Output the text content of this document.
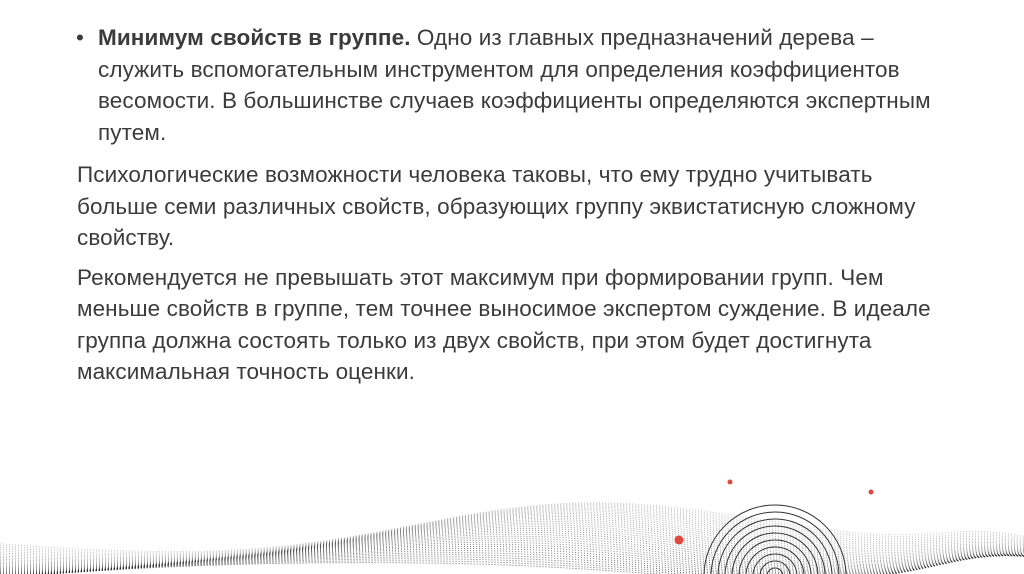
• Минимум свойств в группе. Одно из главных предназначений дерева – служить вспомогательным инструментом для определения коэффициентов весомости. В большинстве случаев коэффициенты определяются экспертным путем.

Психологические возможности человека таковы, что ему трудно учитывать больше семи различных свойств, образующих группу эквистатисную сложному свойству.

Рекомендуется не превышать этот максимум при формировании групп. Чем меньше свойств в группе, тем точнее выносимое экспертом суждение. В идеале группа должна состоять только из двух свойств, при этом будет достигнута максимальная точность оценки.
